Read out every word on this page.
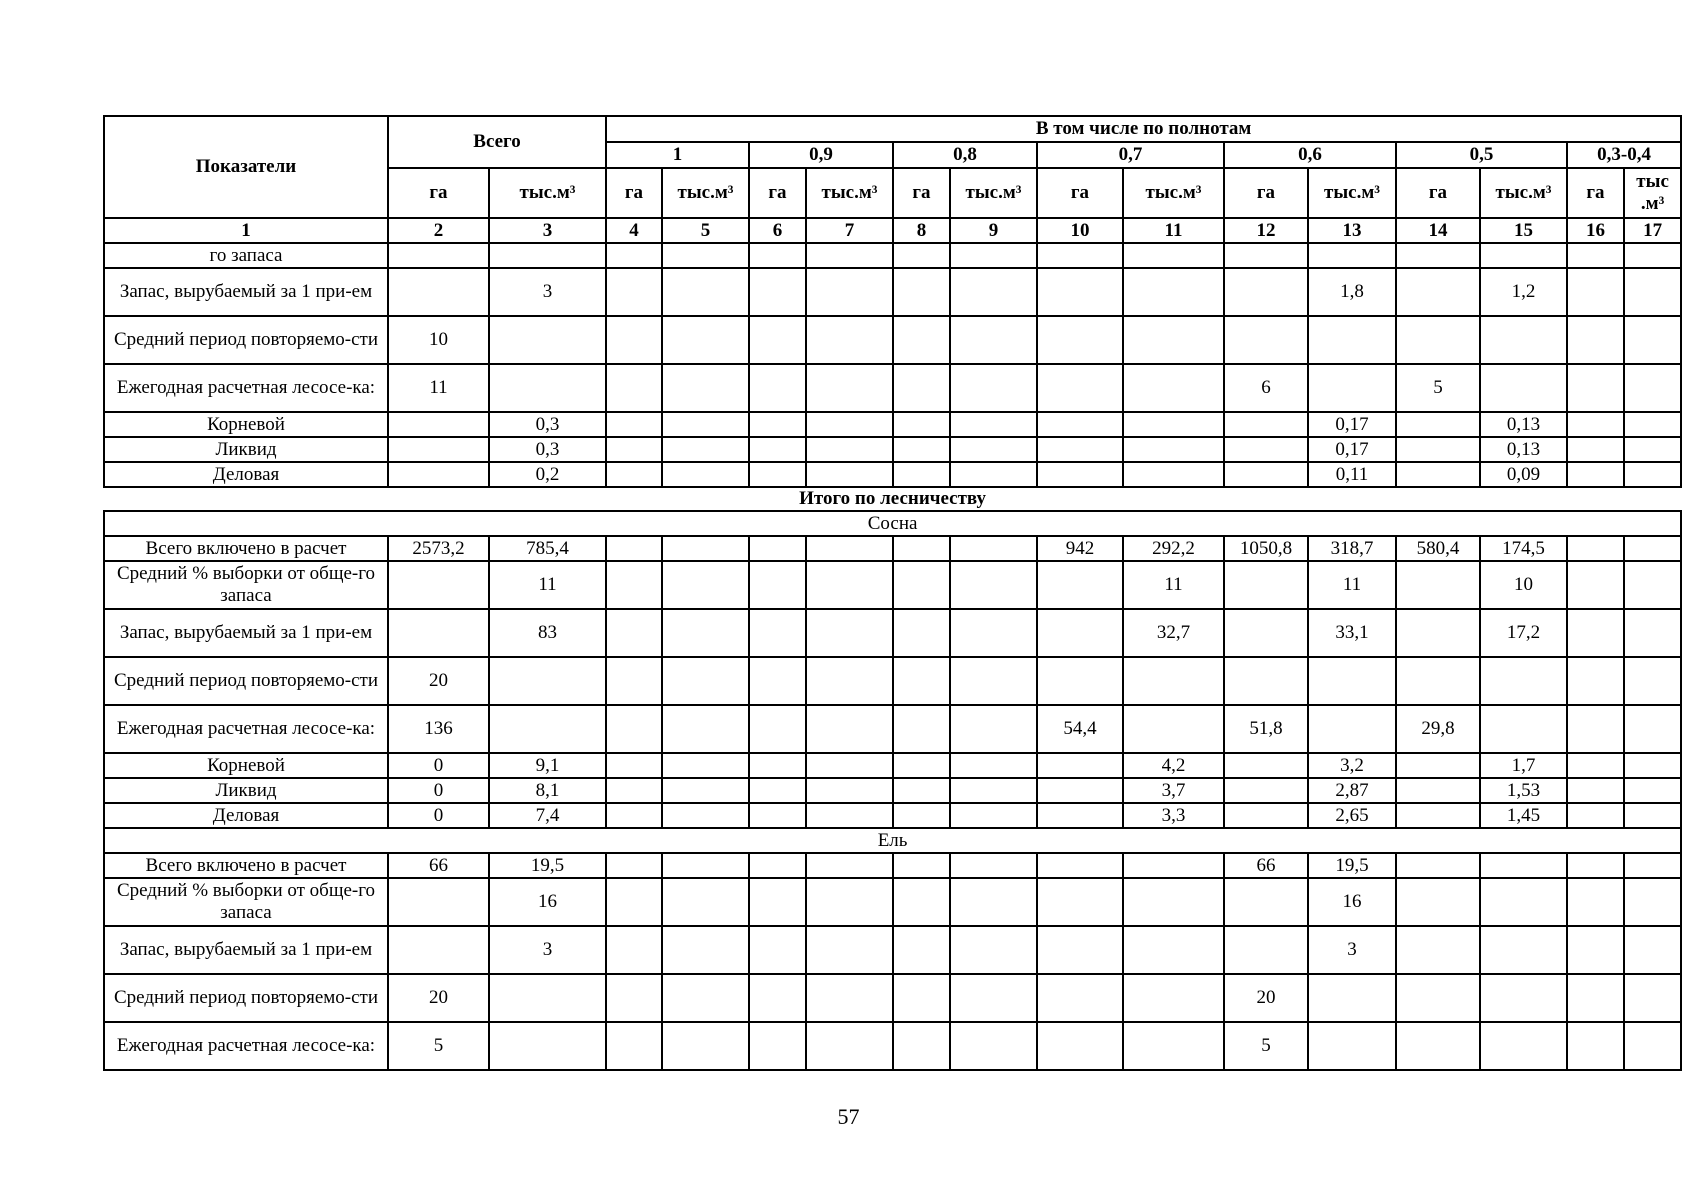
Показатели	Всего		В том числе по полнотам													
			1		0,9		0,8		0,7		0,6		0,5		0,3-0,4	
	га	тыс.м³	га	тыс.м³	га	тыс.м³	га	тыс.м³	га	тыс.м³	га	тыс.м³	га	тыс.м³	га	тыс .м³
1	2	3	4	5	6	7	8	9	10	11	12	13	14	15	16	17
го запаса																
Запас, вырубаемый за 1 при-ем		3										1,8		1,2		
Средний период повторяемо-сти	10															
Ежегодная расчетная лесосе-ка:	11										6		5			
Корневой		0,3										0,17		0,13		
Ликвид		0,3										0,17		0,13		
Деловая		0,2										0,11		0,09		
Итого по лесничеству																
Сосна																
Всего включено в расчет	2573,2	785,4							942	292,2	1050,8	318,7	580,4	174,5		
Средний % выборки от обще-го запаса		11								11		11		10		
Запас, вырубаемый за 1 при-ем		83								32,7		33,1		17,2		
Средний период повторяемо-сти	20															
Ежегодная расчетная лесосе-ка:	136								54,4		51,8		29,8			
Корневой	0	9,1								4,2		3,2		1,7		
Ликвид	0	8,1								3,7		2,87		1,53		
Деловая	0	7,4								3,3		2,65		1,45		
Ель																
Всего включено в расчет	66	19,5									66	19,5				
Средний % выборки от обще-го запаса		16										16				
Запас, вырубаемый за 1 при-ем		3										3				
Средний период повторяемо-сти	20										20					
Ежегодная расчетная лесосе-ка:	5										5					
57
